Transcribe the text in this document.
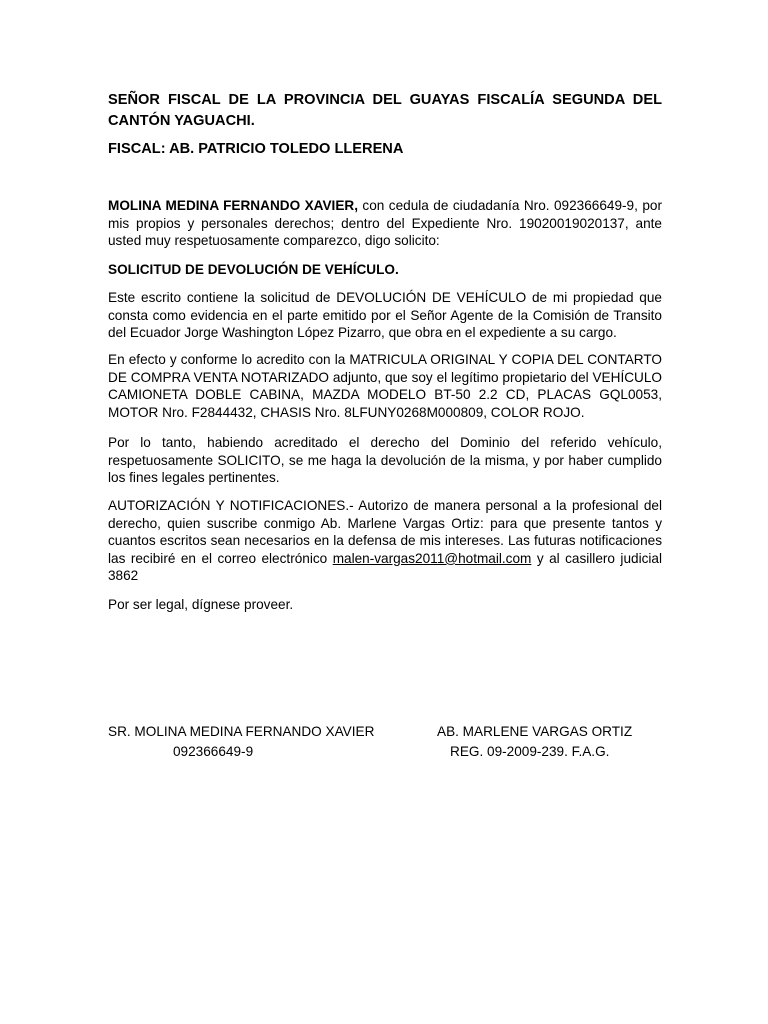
SEÑOR FISCAL DE LA PROVINCIA DEL GUAYAS FISCALÍA SEGUNDA DEL CANTÓN YAGUACHI.

FISCAL: AB. PATRICIO TOLEDO LLERENA

MOLINA MEDINA FERNANDO XAVIER, con cedula de ciudadanía Nro. 092366649-9, por mis propios y personales derechos; dentro del Expediente Nro. 19020019020137, ante usted muy respetuosamente comparezco, digo solicito:

SOLICITUD DE DEVOLUCIÓN DE VEHÍCULO.

Este escrito contiene la solicitud de DEVOLUCIÓN DE VEHÍCULO de mi propiedad que consta como evidencia en el parte emitido por el Señor Agente de la Comisión de Transito del Ecuador Jorge Washington López Pizarro, que obra en el expediente a su cargo.

En efecto y conforme lo acredito con la MATRICULA ORIGINAL Y COPIA DEL CONTARTO DE COMPRA VENTA NOTARIZADO adjunto, que soy el legítimo propietario del VEHÍCULO CAMIONETA DOBLE CABINA, MAZDA MODELO BT-50 2.2 CD, PLACAS GQL0053, MOTOR Nro. F2844432, CHASIS Nro. 8LFUNY0268M000809, COLOR ROJO.

Por lo tanto, habiendo acreditado el derecho del Dominio del referido vehículo, respetuosamente SOLICITO, se me haga la devolución de la misma, y por haber cumplido los fines legales pertinentes.

AUTORIZACIÓN Y NOTIFICACIONES.- Autorizo de manera personal a la profesional del derecho, quien suscribe conmigo Ab. Marlene Vargas Ortiz: para que presente tantos y cuantos escritos sean necesarios en la defensa de mis intereses. Las futuras notificaciones las recibiré en el correo electrónico malen-vargas2011@hotmail.com y al casillero judicial 3862

Por ser legal, dígnese proveer.

SR. MOLINA MEDINA FERNANDO XAVIER
092366649-9
AB. MARLENE VARGAS ORTIZ
REG. 09-2009-239. F.A.G.
